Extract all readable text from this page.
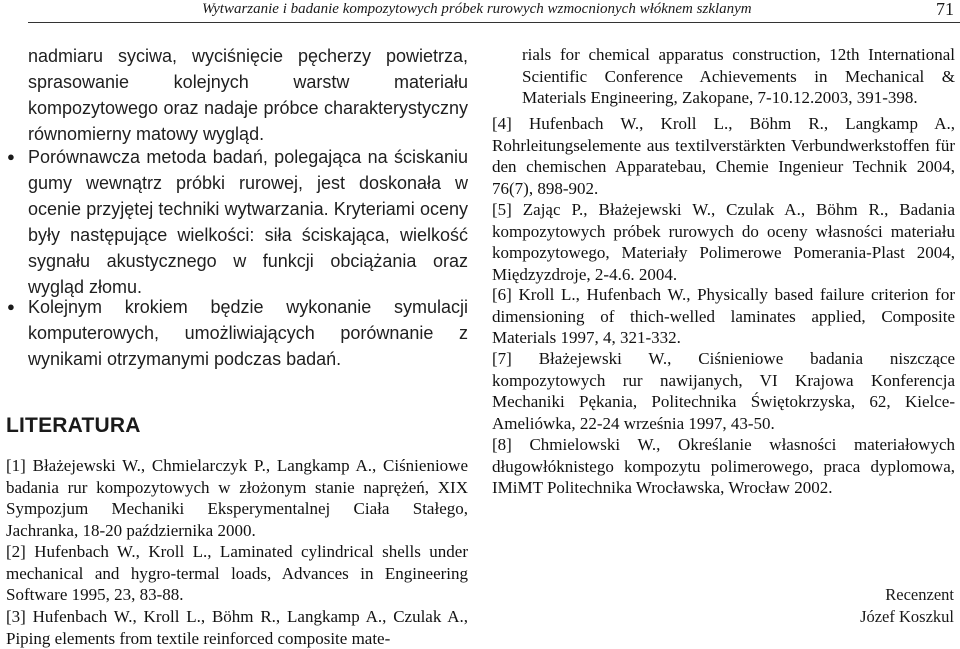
Wytwarzanie i badanie kompozytowych próbek rurowych wzmocnionych włóknem szklanym	71
nadmiaru syciwa, wyciśnięcie pęcherzy powietrza, sprasowanie kolejnych warstw materiału kompozytowego oraz nadaje próbce charakterystyczny równomierny matowy wygląd.
● Porównawcza metoda badań, polegająca na ściskaniu gumy wewnątrz próbki rurowej, jest doskonała w ocenie przyjętej techniki wytwarzania. Kryteriami oceny były następujące wielkości: siła ściskająca, wielkość sygnału akustycznego w funkcji obciążania oraz wygląd złomu.
● Kolejnym krokiem będzie wykonanie symulacji komputerowych, umożliwiających porównanie z wynikami otrzymanymi podczas badań.
LITERATURA
[1] Błażejewski W., Chmielarczyk P., Langkamp A., Ciśnieniowe badania rur kompozytowych w złożonym stanie naprężeń, XIX Sympozjum Mechaniki Eksperymentalnej Ciała Stałego, Jachranka, 18-20 października 2000.
[2] Hufenbach W., Kroll L., Laminated cylindrical shells under mechanical and hygro-termal loads, Advances in Engineering Software 1995, 23, 83-88.
[3] Hufenbach W., Kroll L., Böhm R., Langkamp A., Czulak A., Piping elements from textile reinforced composite mate-
rials for chemical apparatus construction, 12th International Scientific Conference Achievements in Mechanical & Materials Engineering, Zakopane, 7-10.12.2003, 391-398.
[4] Hufenbach W., Kroll L., Böhm R., Langkamp A., Rohrleitungselemente aus textilverstärkten Verbundwerkstoffen für den chemischen Apparatebau, Chemie Ingenieur Technik 2004, 76(7), 898-902.
[5] Zając P., Błażejewski W., Czulak A., Böhm R., Badania kompozytowych próbek rurowych do oceny własności materiału kompozytowego, Materiały Polimerowe Pomerania-Plast 2004, Międzyzdroje, 2-4.6. 2004.
[6] Kroll L., Hufenbach W., Physically based failure criterion for dimensioning of thich-welled laminates applied, Composite Materials 1997, 4, 321-332.
[7] Błażejewski W., Ciśnieniowe badania niszczące kompozytowych rur nawijanych, VI Krajowa Konferencja Mechaniki Pękania, Politechnika Świętokrzyska, 62, Kielce-Ameliówka, 22-24 września 1997, 43-50.
[8] Chmielowski W., Określanie własności materiałowych długowłóknistego kompozytu polimerowego, praca dyplomowa, IMiMT Politechnika Wrocławska, Wrocław 2002.
Recenzent
Józef Koszkul
